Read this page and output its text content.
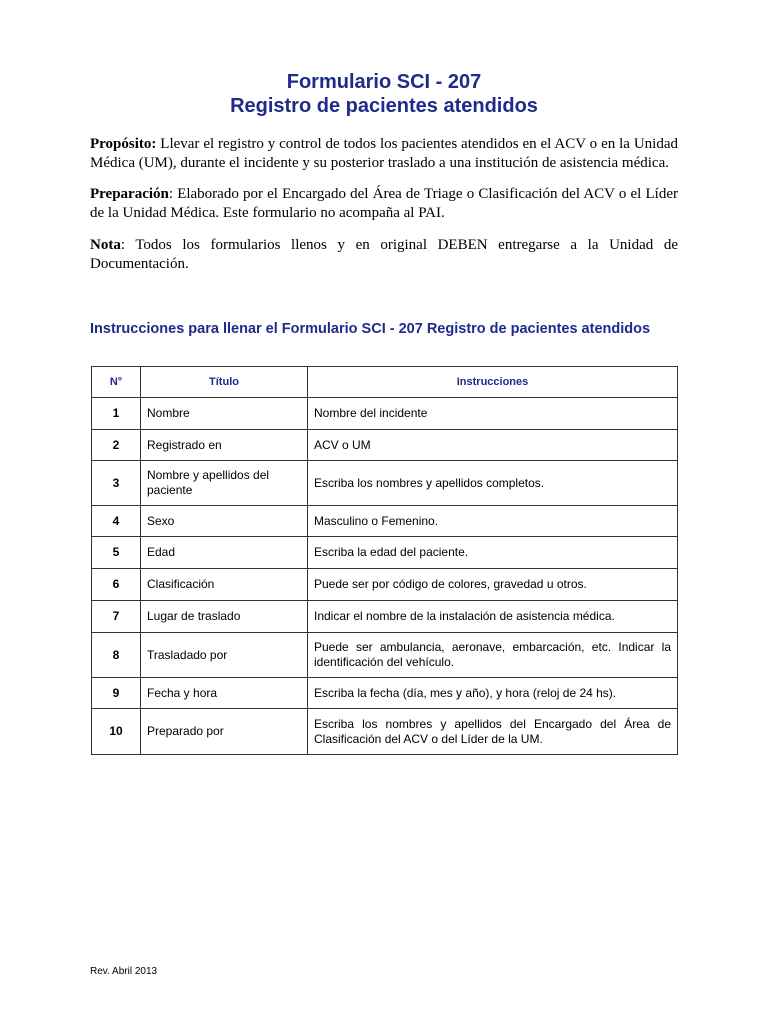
Formulario SCI - 207
Registro de pacientes atendidos
Propósito: Llevar el registro y control de todos los pacientes atendidos en el ACV o en la Unidad Médica (UM), durante el incidente y su posterior traslado a una institución de asistencia médica.
Preparación: Elaborado por el Encargado del Área de Triage o Clasificación del ACV o el Líder de la Unidad Médica. Este formulario no acompaña al PAI.
Nota: Todos los formularios llenos y en original DEBEN entregarse a la Unidad de Documentación.
Instrucciones para llenar el Formulario SCI - 207 Registro de pacientes atendidos
N°	Título	Instrucciones
1	Nombre	Nombre del incidente
2	Registrado en	ACV o UM
3	Nombre y apellidos del paciente	Escriba los nombres y apellidos completos.
4	Sexo	Masculino o Femenino.
5	Edad	Escriba la edad del paciente.
6	Clasificación	Puede ser por código de colores, gravedad u otros.
7	Lugar de traslado	Indicar el nombre de la instalación de asistencia médica.
8	Trasladado por	Puede ser ambulancia, aeronave, embarcación, etc. Indicar la identificación del vehículo.
9	Fecha y hora	Escriba la fecha (día, mes y año), y hora (reloj de 24 hs).
10	Preparado por	Escriba los nombres y apellidos del Encargado del Área de Clasificación del ACV o del Líder de la UM.
Rev. Abril 2013
